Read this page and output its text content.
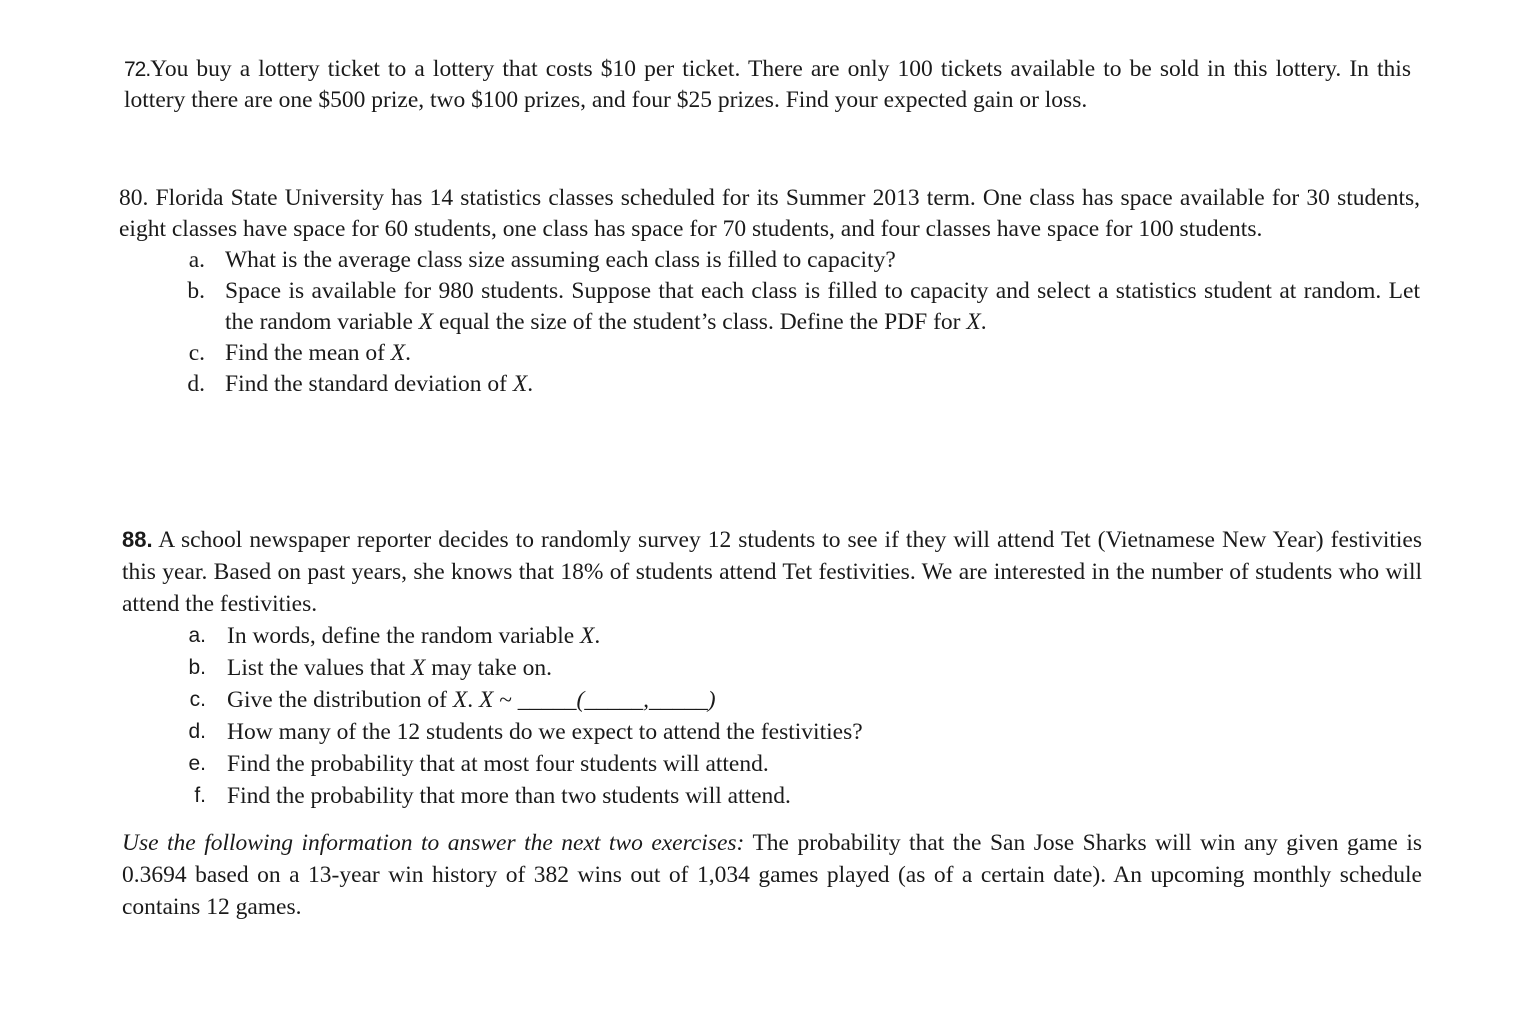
72.You buy a lottery ticket to a lottery that costs $10 per ticket. There are only 100 tickets available to be sold in this lottery. In this lottery there are one $500 prize, two $100 prizes, and four $25 prizes. Find your expected gain or loss.

80. Florida State University has 14 statistics classes scheduled for its Summer 2013 term. One class has space available for 30 students, eight classes have space for 60 students, one class has space for 70 students, and four classes have space for 100 students.

a. What is the average class size assuming each class is filled to capacity?
b. Space is available for 980 students. Suppose that each class is filled to capacity and select a statistics student at random. Let the random variable X equal the size of the student’s class. Define the PDF for X.
c. Find the mean of X.
d. Find the standard deviation of X.

88. A school newspaper reporter decides to randomly survey 12 students to see if they will attend Tet (Vietnamese New Year) festivities this year. Based on past years, she knows that 18% of students attend Tet festivities. We are interested in the number of students who will attend the festivities.

a. In words, define the random variable X.
b. List the values that X may take on.
c. Give the distribution of X. X ~ _____(_____,_____)
d. How many of the 12 students do we expect to attend the festivities?
e. Find the probability that at most four students will attend.
f. Find the probability that more than two students will attend.

Use the following information to answer the next two exercises: The probability that the San Jose Sharks will win any given game is 0.3694 based on a 13-year win history of 382 wins out of 1,034 games played (as of a certain date). An upcoming monthly schedule contains 12 games.
